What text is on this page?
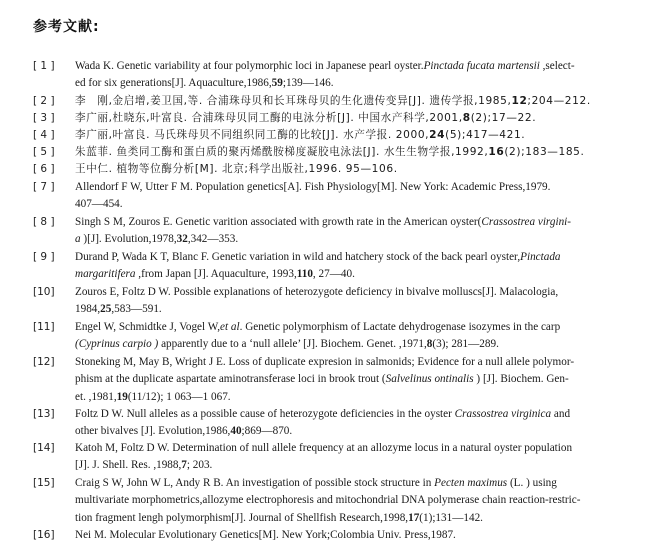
参考文献:
[ 1 ]	Wada K. Genetic variability at four polymorphic loci in Japanese pearl oyster.Pinctada fucata martensii ,select-
ed for six generations[J]. Aquaculture,1986,59;139—146.
[ 2 ]	李　刚,金启增,姜卫国,等. 合浦珠母贝和长耳珠母贝的生化遗传变异[J]. 遗传学报,1985,12;204—212.
[ 3 ]	李广丽,杜晓东,叶富良. 合浦珠母贝同工酶的电泳分析[J]. 中国水产科学,2001,8(2);17—22.
[ 4 ]	李广丽,叶富良. 马氏珠母贝不同组织同工酶的比较[J]. 水产学报. 2000,24(5);417—421.
[ 5 ]	朱蓝菲. 鱼类同工酶和蛋白质的聚丙烯酰胺梯度凝胶电泳法[J]. 水生生物学报,1992,16(2);183—185.
[ 6 ]	王中仁. 植物等位酶分析[M]. 北京;科学出版社,1996. 95—106.
[ 7 ]	Allendorf F W, Utter F M. Population genetics[A]. Fish Physiology[M]. New York: Academic Press,1979.
407—454.
[ 8 ]	Singh S M, Zouros E. Genetic varition associated with growth rate in the American oyster(Crassostrea virgini-
a )[J]. Evolution,1978,32,342—353.
[ 9 ]	Durand P, Wada K T, Blanc F. Genetic variation in wild and hatchery stock of the back pearl oyster,Pinctada
margaritifera ,from Japan [J]. Aquaculture, 1993,110, 27—40.
[10]	Zouros E, Foltz D W. Possible explanations of heterozygote deficiency in bivalve molluscs[J]. Malacologia,
1984,25,583—591.
[11]	Engel W, Schmidtke J, Vogel W,et al. Genetic polymorphism of Lactate dehydrogenase isozymes in the carp
(Cyprinus carpio ) apparently due to a ‘null allele’ [J]. Biochem. Genet. ,1971,8(3); 281—289.
[12]	Stoneking M, May B, Wright J E. Loss of duplicate expresion in salmonids; Evidence for a null allele polymor-
phism at the duplicate aspartate aminotransferase loci in brook trout (Salvelinus ontinalis ) [J]. Biochem. Gen-
et. ,1981,19(11/12); 1 063—1 067.
[13]	Foltz D W. Null alleles as a possible cause of heterozygote deficiencies in the oyster Crassostrea virginica and
other bivalves [J]. Evolution,1986,40;869—870.
[14]	Katoh M, Foltz D W. Determination of null allele frequency at an allozyme locus in a natural oyster population
[J]. J. Shell. Res. ,1988,7; 203.
[15]	Craig S W, John W L, Andy R B. An investigation of possible stock structure in Pecten maximus (L. ) using
multivariate morphometrics,allozyme electrophoresis and mitochondrial DNA polymerase chain reaction-restric-
tion fragment lengh polymorphism[J]. Journal of Shellfish Research,1998,17(1);131—142.
[16]	Nei M. Molecular Evolutionary Genetics[M]. New York;Colombia Univ. Press,1987.
